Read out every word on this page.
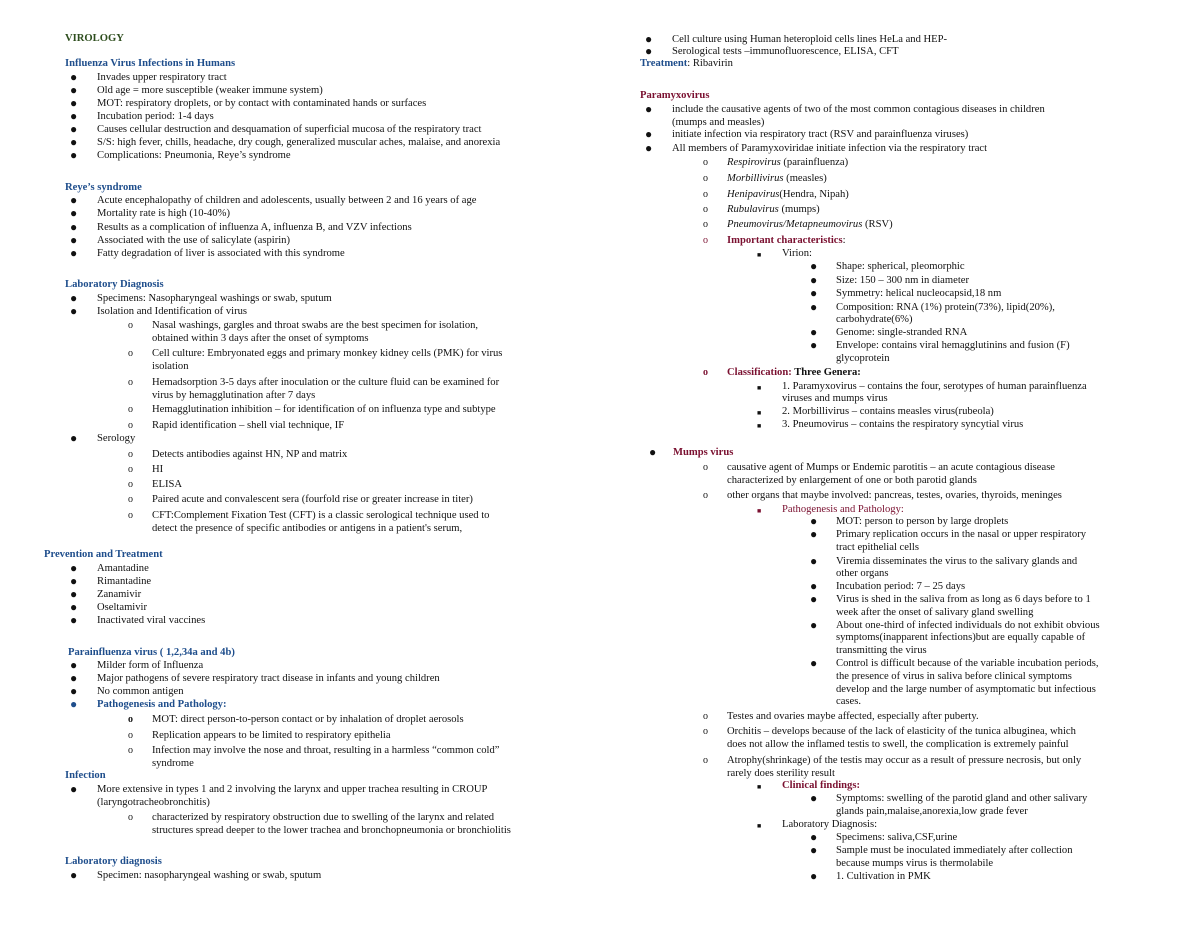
VIROLOGY
Influenza Virus Infections in Humans
● Invades upper respiratory tract
● Old age = more susceptible (weaker immune system)
● MOT: respiratory droplets, or by contact with contaminated hands or surfaces
● Incubation period: 1-4 days
● Causes cellular destruction and desquamation of superficial mucosa of the respiratory tract
● S/S: high fever, chills, headache, dry cough, generalized muscular aches, malaise, and anorexia
● Complications: Pneumonia, Reye’s syndrome
Reye’s syndrome
● Acute encephalopathy of children and adolescents, usually between 2 and 16 years of age
● Mortality rate is high (10-40%)
● Results as a complication of influenza A, influenza B, and VZV infections
● Associated with the use of salicylate (aspirin)
● Fatty degradation of liver is associated with this syndrome
Laboratory Diagnosis
● Specimens: Nasopharyngeal washings or swab, sputum
● Isolation and Identification of virus
o Nasal washings, gargles and throat swabs are the best specimen for isolation,
obtained within 3 days after the onset of symptoms
o Cell culture: Embryonated eggs and primary monkey kidney cells (PMK) for virus
isolation
o Hemadsorption 3-5 days after inoculation or the culture fluid can be examined for
virus by hemagglutination after 7 days
o Hemagglutination inhibition – for identification of on influenza type and subtype
o Rapid identification – shell vial technique, IF
● Serology
o Detects antibodies against HN, NP and matrix
o HI
o ELISA
o Paired acute and convalescent sera (fourfold rise or greater increase in titer)
o CFT:Complement Fixation Test (CFT) is a classic serological technique used to
detect the presence of specific antibodies or antigens in a patient's serum,
Prevention and Treatment
● Amantadine
● Rimantadine
● Zanamivir
● Oseltamivir
● Inactivated viral vaccines
Parainfluenza virus ( 1,2,34a and 4b)
● Milder form of Influenza
● Major pathogens of severe respiratory tract disease in infants and young children
● No common antigen
● Pathogenesis and Pathology:
o MOT: direct person-to-person contact or by inhalation of droplet aerosols
o Replication appears to be limited to respiratory epithelia
o Infection may involve the nose and throat, resulting in a harmless “common cold”
syndrome
Infection
● More extensive in types 1 and 2 involving the larynx and upper trachea resulting in CROUP
(laryngotracheobronchitis)
o characterized by respiratory obstruction due to swelling of the larynx and related
structures spread deeper to the lower trachea and bronchopneumonia or bronchiolitis
Laboratory diagnosis
● Specimen: nasopharyngeal washing or swab, sputum
● Cell culture using Human heteroploid cells lines HeLa and HEP-
● Serological tests –immunofluorescence, ELISA, CFT
Treatment: Ribavirin
Paramyxovirus
● include the causative agents of two of the most common contagious diseases in children
(mumps and measles)
● initiate infection via respiratory tract (RSV and parainfluenza viruses)
● All members of Paramyxoviridae initiate infection via the respiratory tract
o Respirovirus (parainfluenza)
o Morbillivirus (measles)
o Henipavirus(Hendra, Nipah)
o Rubulavirus (mumps)
o Pneumovirus/Metapneumovirus (RSV)
o Important characteristics:
■ Virion:
● Shape: spherical, pleomorphic
● Size: 150 – 300 nm in diameter
● Symmetry: helical nucleocapsid,18 nm
● Composition: RNA (1%) protein(73%), lipid(20%),
carbohydrate(6%)
● Genome: single-stranded RNA
● Envelope: contains viral hemagglutinins and fusion (F)
glycoprotein
o Classification: Three Genera:
■ 1. Paramyxovirus – contains the four, serotypes of human parainfluenza
viruses and mumps virus
■ 2. Morbillivirus – contains measles virus(rubeola)
■ 3. Pneumovirus – contains the respiratory syncytial virus
● Mumps virus
o causative agent of Mumps or Endemic parotitis – an acute contagious disease
characterized by enlargement of one or both parotid glands
o other organs that maybe involved: pancreas, testes, ovaries, thyroids, meninges
■ Pathogenesis and Pathology:
● MOT: person to person by large droplets
● Primary replication occurs in the nasal or upper respiratory
tract epithelial cells
● Viremia disseminates the virus to the salivary glands and
other organs
● Incubation period: 7 – 25 days
● Virus is shed in the saliva from as long as 6 days before to 1
week after the onset of salivary gland swelling
● About one-third of infected individuals do not exhibit obvious
symptoms(inapparent infections)but are equally capable of
transmitting the virus
● Control is difficult because of the variable incubation periods,
the presence of virus in saliva before clinical symptoms
develop and the large number of asymptomatic but infectious
cases.
o Testes and ovaries maybe affected, especially after puberty.
o Orchitis – develops because of the lack of elasticity of the tunica albuginea, which
does not allow the inflamed testis to swell, the complication is extremely painful
o Atrophy(shrinkage) of the testis may occur as a result of pressure necrosis, but only
rarely does sterility result
■ Clinical findings:
● Symptoms: swelling of the parotid gland and other salivary
glands pain,malaise,anorexia,low grade fever
■ Laboratory Diagnosis:
● Specimens: saliva,CSF,urine
● Sample must be inoculated immediately after collection
because mumps virus is thermolabile
● 1. Cultivation in PMK
